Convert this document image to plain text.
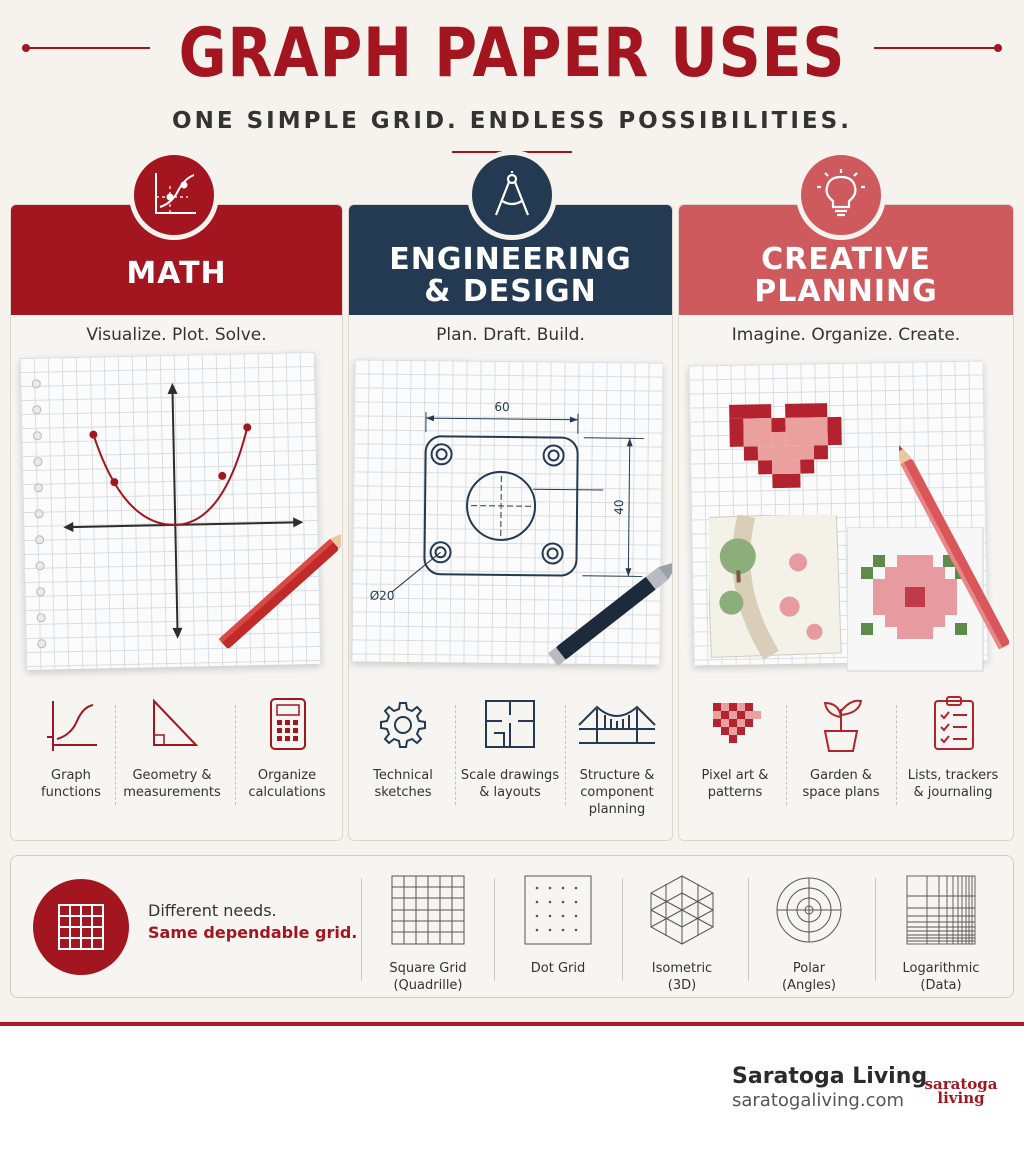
GRAPH PAPER USES
ONE SIMPLE GRID. ENDLESS POSSIBILITIES.
MATH
Visualize. Plot. Solve.
Graph
functions
Geometry &
measurements
Organize
calculations
ENGINEERING
& DESIGN
Plan. Draft. Build.
60
40
Ø20
Technical
sketches
Scale drawings
& layouts
Structure &
component
planning
CREATIVE
PLANNING
Imagine. Organize. Create.
Pixel art &
patterns
Garden &
space plans
Lists, trackers
& journaling
Different needs.
Same dependable grid.
Square Grid
(Quadrille)
Dot Grid	Isometric
(3D)
Polar
(Angles)
Logarithmic
(Data)
Saratoga Living
saratogaliving.com
saratoga
living
